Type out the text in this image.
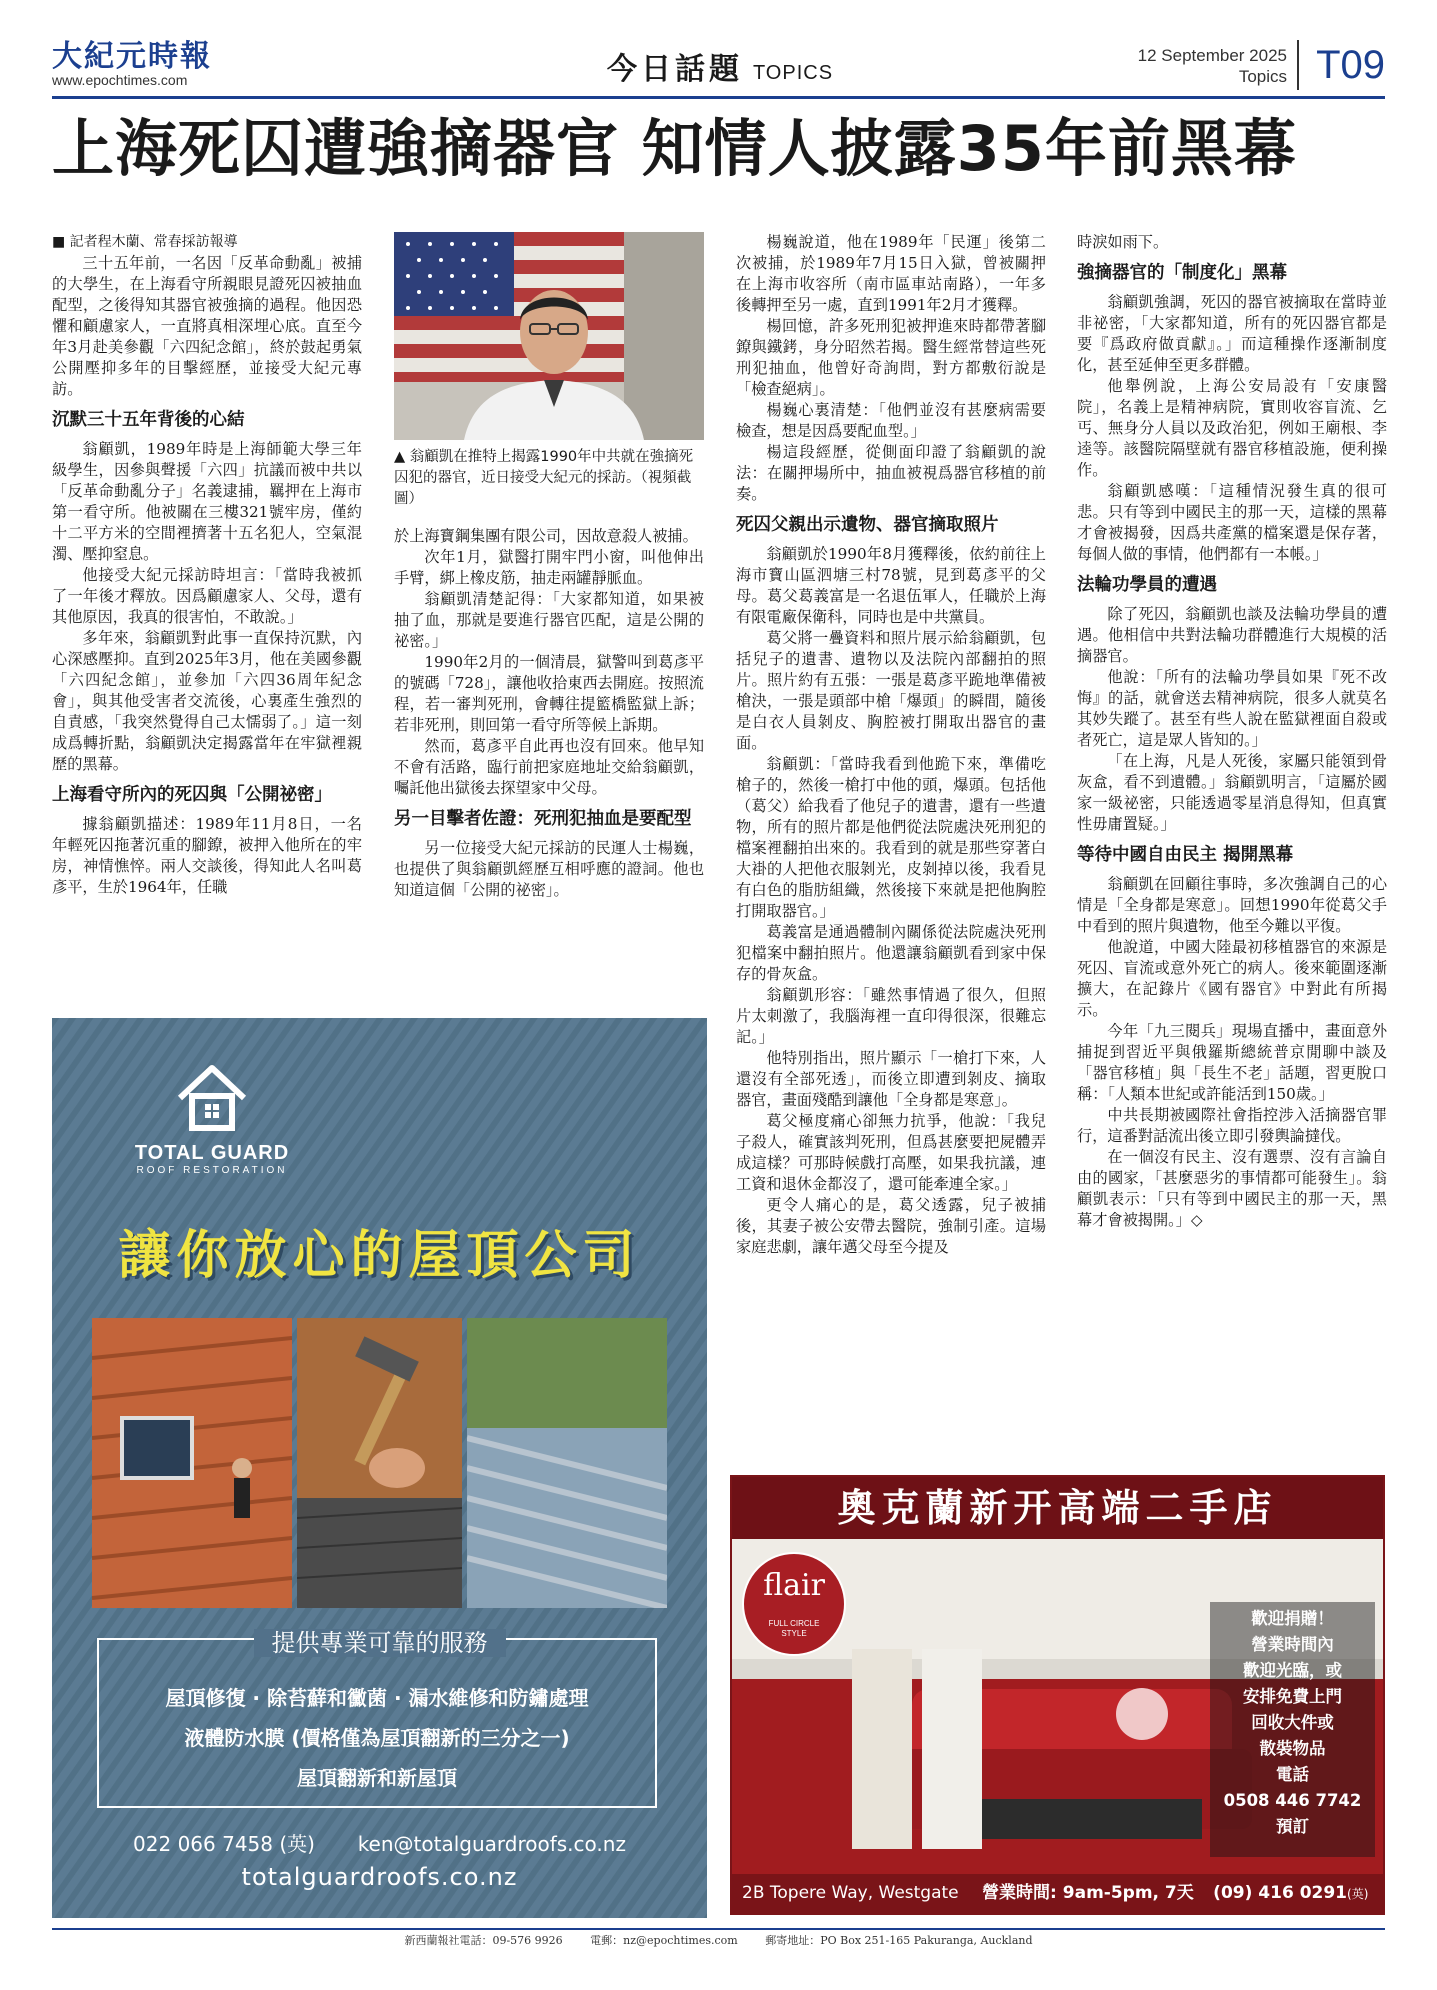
大紀元時報
www.epochtimes.com	今日話題 TOPICS
12 September 2025
Topics T09
上海死囚遭強摘器官 知情人披露35年前黑幕

■ 記者程木蘭、常春採訪報導

三十五年前，一名因「反革命動亂」被捕的大學生，在上海看守所親眼見證死囚被抽血配型，之後得知其器官被強摘的過程。他因恐懼和顧慮家人，一直將真相深埋心底。直至今年3月赴美參觀「六四紀念館」，終於鼓起勇氣公開壓抑多年的目擊經歷，並接受大紀元專訪。

沉默三十五年背後的心結

翁顧凱，1989年時是上海師範大學三年級學生，因參與聲援「六四」抗議而被中共以「反革命動亂分子」名義逮捕，羈押在上海市第一看守所。他被關在三樓321號牢房，僅約十二平方米的空間裡擠著十五名犯人，空氣混濁、壓抑窒息。

他接受大紀元採訪時坦言：「當時我被抓了一年後才釋放。因爲顧慮家人、父母，還有其他原因，我真的很害怕，不敢說。」

多年來，翁顧凱對此事一直保持沉默，內心深感壓抑。直到2025年3月，他在美國參觀「六四紀念館」，並參加「六四36周年紀念會」，與其他受害者交流後，心裏產生強烈的自責感，「我突然覺得自己太懦弱了。」這一刻成爲轉折點，翁顧凱決定揭露當年在牢獄裡親歷的黑幕。

上海看守所內的死囚與「公開祕密」

據翁顧凱描述：1989年11月8日，一名年輕死囚拖著沉重的腳鐐，被押入他所在的牢房，神情憔悴。兩人交談後，得知此人名叫葛彥平，生於1964年，任職

▲ 翁顧凱在推特上揭露1990年中共就在強摘死囚犯的器官，近日接受大紀元的採訪。（視頻截圖）

於上海寶鋼集團有限公司，因故意殺人被捕。

次年1月，獄醫打開牢門小窗，叫他伸出手臂，綁上橡皮筋，抽走兩罐靜脈血。

翁顧凱清楚記得：「大家都知道，如果被抽了血，那就是要進行器官匹配，這是公開的祕密。」

1990年2月的一個清晨，獄警叫到葛彥平的號碼「728」，讓他收拾東西去開庭。按照流程，若一審判死刑，會轉往提籃橋監獄上訴；若非死刑，則回第一看守所等候上訴期。

然而，葛彥平自此再也沒有回來。他早知不會有活路，臨行前把家庭地址交給翁顧凱，囑託他出獄後去探望家中父母。

另一目擊者佐證：死刑犯抽血是要配型

另一位接受大紀元採訪的民運人士楊巍，也提供了與翁顧凱經歷互相呼應的證詞。他也知道這個「公開的祕密」。

楊巍說道，他在1989年「民運」後第二次被捕，於1989年7月15日入獄，曾被關押在上海市收容所（南市區車站南路），一年多後轉押至另一處，直到1991年2月才獲釋。

楊回憶，許多死刑犯被押進來時都帶著腳鐐與鐵銬，身分昭然若揭。醫生經常替這些死刑犯抽血，他曾好奇詢問，對方都敷衍說是「檢查絕病」。

楊巍心裏清楚：「他們並沒有甚麼病需要檢查，想是因爲要配血型。」

楊這段經歷，從側面印證了翁顧凱的說法：在關押場所中，抽血被視爲器官移植的前奏。

死囚父親出示遺物、器官摘取照片

翁顧凱於1990年8月獲釋後，依約前往上海市寶山區泗塘三村78號，見到葛彥平的父母。葛父葛義富是一名退伍軍人，任職於上海有限電廠保衛科，同時也是中共黨員。

葛父將一疊資料和照片展示給翁顧凱，包括兒子的遺書、遺物以及法院內部翻拍的照片。照片約有五張：一張是葛彥平跪地準備被槍決，一張是頭部中槍「爆頭」的瞬間，隨後是白衣人員剝皮、胸腔被打開取出器官的畫面。

翁顧凱：「當時我看到他跪下來，準備吃槍子的，然後一槍打中他的頭，爆頭。包括他（葛父）給我看了他兒子的遺書，還有一些遺物，所有的照片都是他們從法院處決死刑犯的檔案裡翻拍出來的。我看到的就是那些穿著白大褂的人把他衣服剝光，皮剝掉以後，我看見有白色的脂肪組織，然後接下來就是把他胸腔打開取器官。」

葛義富是通過體制內關係從法院處決死刑犯檔案中翻拍照片。他還讓翁顧凱看到家中保存的骨灰盒。

翁顧凱形容：「雖然事情過了很久，但照片太刺激了，我腦海裡一直印得很深，很難忘記。」

他特別指出，照片顯示「一槍打下來，人還沒有全部死透」，而後立即遭到剝皮、摘取器官，畫面殘酷到讓他「全身都是寒意」。

葛父極度痛心卻無力抗爭，他說：「我兒子殺人，確實該判死刑，但爲甚麼要把屍體弄成這樣？可那時候戲打高壓，如果我抗議，連工資和退休金都沒了，還可能牽連全家。」

更令人痛心的是，葛父透露，兒子被捕後，其妻子被公安帶去醫院，強制引產。這場家庭悲劇，讓年邁父母至今提及

時淚如雨下。

強摘器官的「制度化」黑幕

翁顧凱強調，死囚的器官被摘取在當時並非祕密，「大家都知道，所有的死囚器官都是要『爲政府做貢獻』。」而這種操作逐漸制度化，甚至延伸至更多群體。

他舉例說，上海公安局設有「安康醫院」，名義上是精神病院，實則收容盲流、乞丐、無身分人員以及政治犯，例如王廟根、李逵等。該醫院隔壁就有器官移植設施，便利操作。

翁顧凱感嘆：「這種情況發生真的很可悲。只有等到中國民主的那一天，這樣的黑幕才會被揭發，因爲共產黨的檔案還是保存著，每個人做的事情，他們都有一本帳。」

法輪功學員的遭遇

除了死囚，翁顧凱也談及法輪功學員的遭遇。他相信中共對法輪功群體進行大規模的活摘器官。

他說：「所有的法輪功學員如果『死不改悔』的話，就會送去精神病院，很多人就莫名其妙失蹤了。甚至有些人說在監獄裡面自殺或者死亡，這是眾人皆知的。」

「在上海，凡是人死後，家屬只能領到骨灰盒，看不到遺體。」翁顧凱明言，「這屬於國家一級祕密，只能透過零星消息得知，但真實性毋庸置疑。」

等待中國自由民主 揭開黑幕

翁顧凱在回顧往事時，多次強調自己的心情是「全身都是寒意」。回想1990年從葛父手中看到的照片與遺物，他至今難以平復。

他說道，中國大陸最初移植器官的來源是死囚、盲流或意外死亡的病人。後來範圍逐漸擴大，在記錄片《國有器官》中對此有所揭示。

今年「九三閱兵」現場直播中，畫面意外捕捉到習近平與俄羅斯總統普京閒聊中談及「器官移植」與「長生不老」話題，習更脫口稱：「人類本世紀或許能活到150歲。」

中共長期被國際社會指控涉入活摘器官罪行，這番對話流出後立即引發輿論撻伐。

在一個沒有民主、沒有選票、沒有言論自由的國家，「甚麼惡劣的事情都可能發生」。翁顧凱表示：「只有等到中國民主的那一天，黑幕才會被揭開。」◇

TOTAL GUARD
ROOF RESTORATION
讓你放心的屋頂公司
提供專業可靠的服務
屋頂修復 · 除苔蘚和黴菌 · 漏水維修和防鏽處理
液體防水膜 (價格僅為屋頂翻新的三分之一)
屋頂翻新和新屋頂
022 066 7458 (英) ken@totalguardroofs.co.nz
totalguardroofs.co.nz
奧克蘭新开高端二手店
flair
FULL CIRCLE STYLE
歡迎捐贈！
營業時間內
歡迎光臨，或
安排免費上門
回收大件或
散裝物品
電話
0508 446 7742
預訂
2B Topere Way, Westgate 營業時間: 9am-5pm, 7天 (09) 416 0291(英)
新西蘭報社電話：09-576 9926	電郵：nz@epochtimes.com	郵寄地址：PO Box 251-165 Pakuranga, Auckland
